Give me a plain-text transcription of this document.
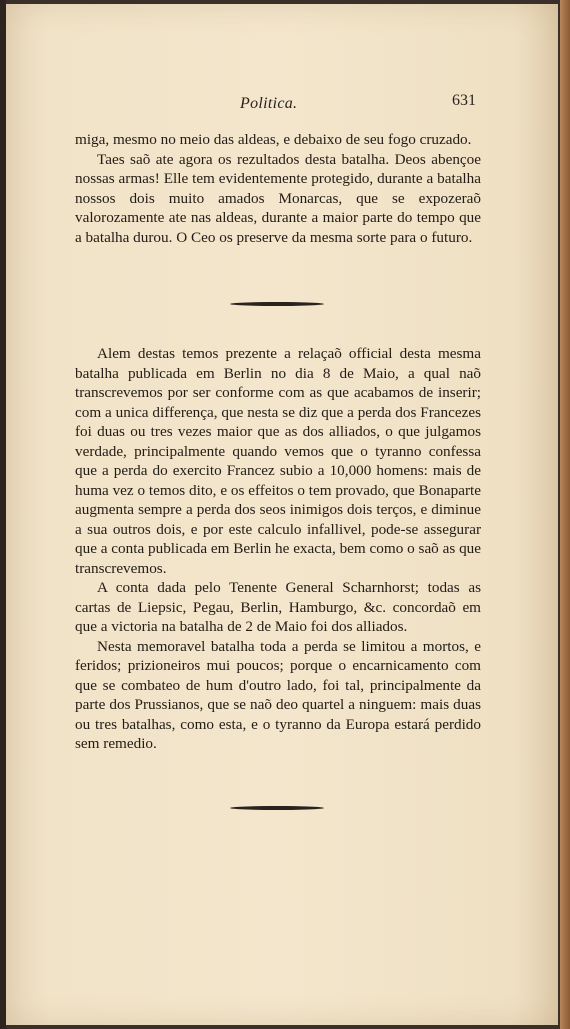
Politica.	631

miga, mesmo no meio das aldeas, e debaixo de seu fogo cruzado.

Taes saõ ate agora os rezultados desta batalha. Deos abençoe nossas armas! Elle tem evidentemente protegido, durante a batalha nossos dois muito amados Monarcas, que se expozeraõ valorozamente ate nas aldeas, durante a maior parte do tempo que a batalha durou. O Ceo os preserve da mesma sorte para o futuro.

Alem destas temos prezente a relaçaõ official desta mesma batalha publicada em Berlin no dia 8 de Maio, a qual naõ transcrevemos por ser conforme com as que acabamos de inserir; com a unica differença, que nesta se diz que a perda dos Francezes foi duas ou tres vezes maior que as dos alliados, o que julgamos verdade, principalmente quando vemos que o tyranno confessa que a perda do exercito Francez subio a 10,000 homens: mais de huma vez o temos dito, e os effeitos o tem provado, que Bonaparte augmenta sempre a perda dos seos inimigos dois terços, e diminue a sua outros dois, e por este calculo infallivel, pode-se assegurar que a conta publicada em Berlin he exacta, bem como o saõ as que transcrevemos.

A conta dada pelo Tenente General Scharnhorst; todas as cartas de Liepsic, Pegau, Berlin, Hamburgo, &c. concordaõ em que a victoria na batalha de 2 de Maio foi dos alliados.

Nesta memoravel batalha toda a perda se limitou a mortos, e feridos; prizioneiros mui poucos; porque o encarnicamento com que se combateo de hum d'outro lado, foi tal, principalmente da parte dos Prussianos, que se naõ deo quartel a ninguem: mais duas ou tres batalhas, como esta, e o tyranno da Europa estará perdido sem remedio.
